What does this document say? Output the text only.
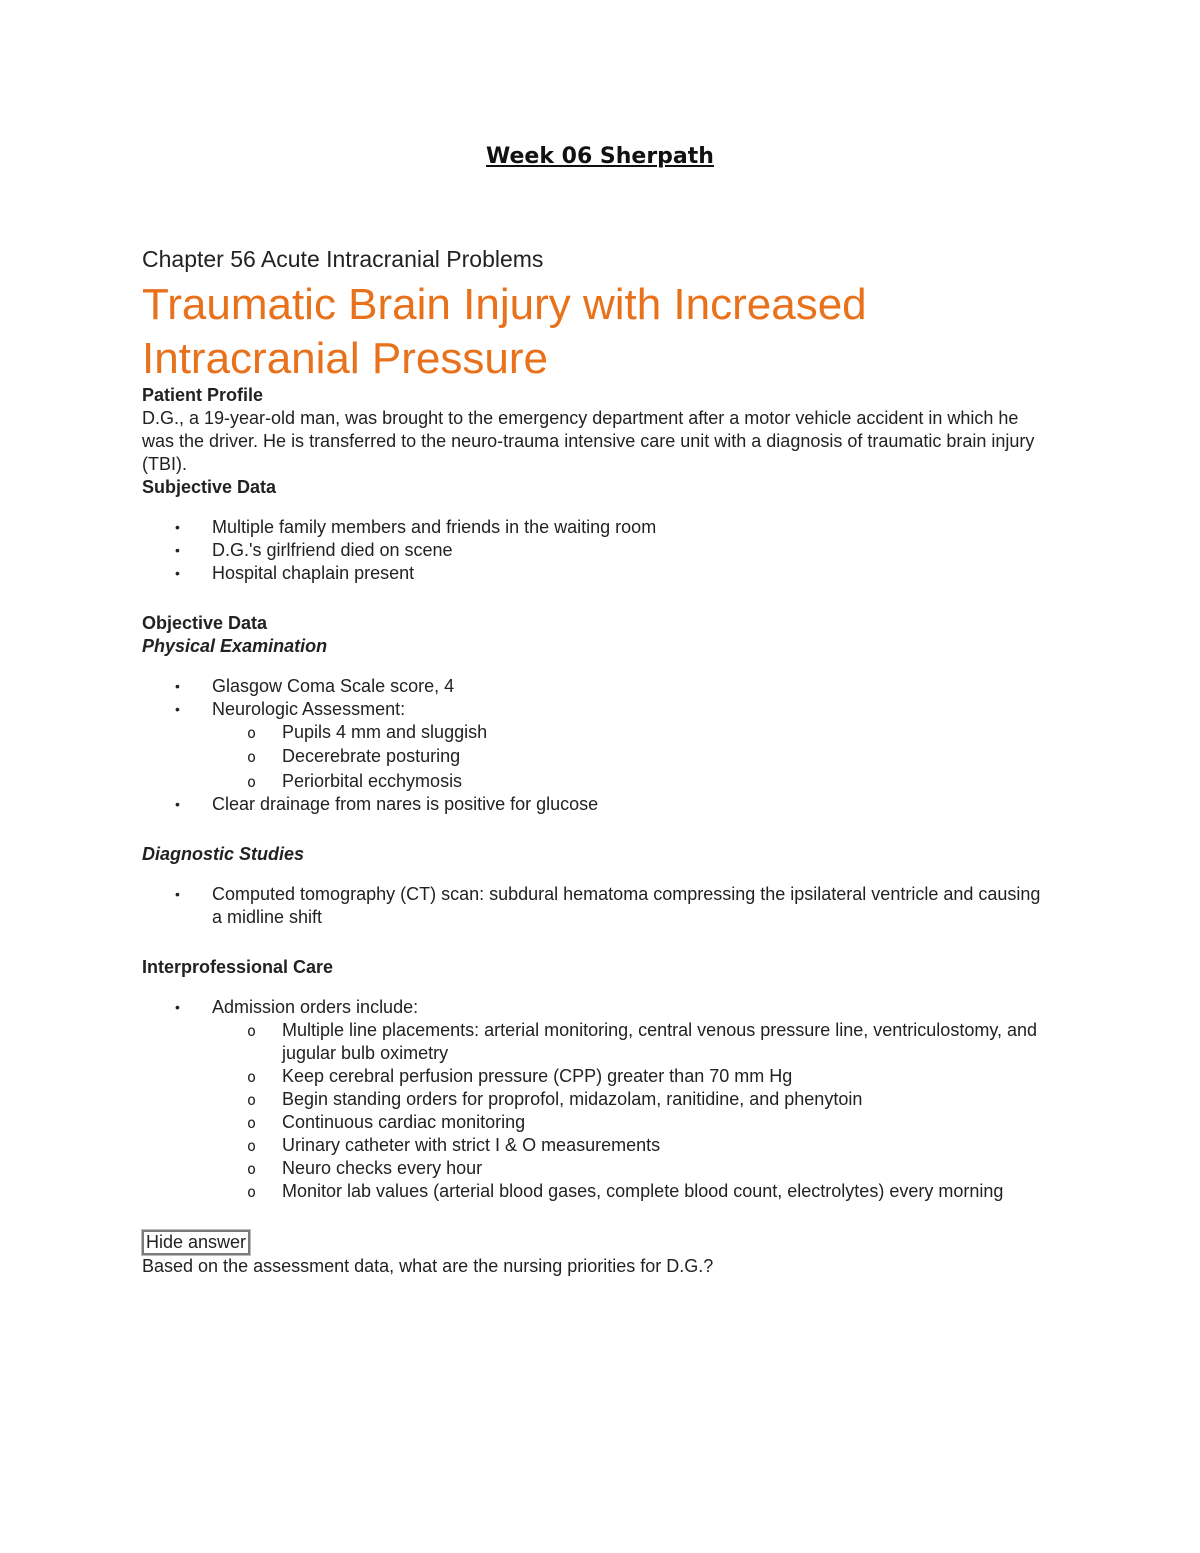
Week 06 Sherpath

Chapter 56 Acute Intracranial Problems

Traumatic Brain Injury with Increased
Intracranial Pressure

Patient Profile

D.G., a 19-year-old man, was brought to the emergency department after a motor vehicle accident in which he was the driver. He is transferred to the neuro-trauma intensive care unit with a diagnosis of traumatic brain injury (TBI).

Subjective Data

• Multiple family members and friends in the waiting room
• D.G.'s girlfriend died on scene
• Hospital chaplain present

Objective Data

Physical Examination

• Glasgow Coma Scale score, 4
• Neurologic Assessment:
o Pupils 4 mm and sluggish
o Decerebrate posturing
o Periorbital ecchymosis
• Clear drainage from nares is positive for glucose

Diagnostic Studies

• Computed tomography (CT) scan: subdural hematoma compressing the ipsilateral ventricle and causing a midline shift

Interprofessional Care

• Admission orders include:
o Multiple line placements: arterial monitoring, central venous pressure line, ventriculostomy, and jugular bulb oximetry
o Keep cerebral perfusion pressure (CPP) greater than 70 mm Hg
o Begin standing orders for proprofol, midazolam, ranitidine, and phenytoin
o Continuous cardiac monitoring
o Urinary catheter with strict I & O measurements
o Neuro checks every hour
o Monitor lab values (arterial blood gases, complete blood count, electrolytes) every morning
Hide answer

Based on the assessment data, what are the nursing priorities for D.G.?
